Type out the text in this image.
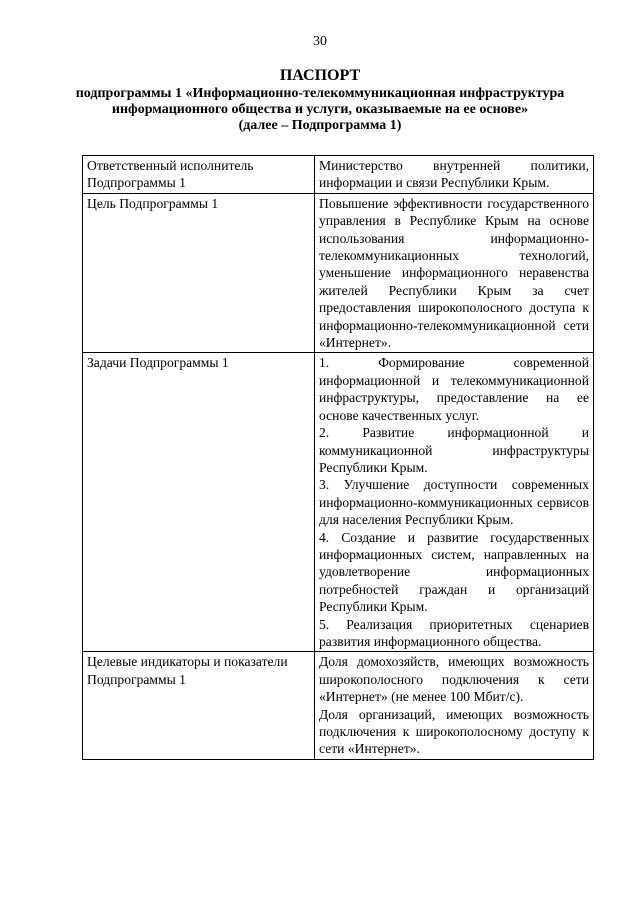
30
ПАСПОРТ
подпрограммы 1 «Информационно-телекоммуникационная инфраструктура
информационного общества и услуги, оказываемые на ее основе»
(далее – Подпрограмма 1)
Ответственный исполнитель Подпрограммы 1	Министерство внутренней политики, информации и связи Республики Крым.

Цель Подпрограммы 1	Повышение эффективности государственного управления в Республике Крым на основе использования информационно-телекоммуникационных технологий, уменьшение информационного неравенства жителей Республики Крым за счет предоставления широкополосного доступа к информационно-телекоммуникационной сети «Интернет».

Задачи Подпрограммы 1	1. Формирование современной информационной и телекоммуникационной инфраструктуры, предоставление на ее основе качественных услуг.

2. Развитие информационной и коммуникационной инфраструктуры Республики Крым.

3. Улучшение доступности современных информационно-коммуникационных сервисов для населения Республики Крым.

4. Создание и развитие государственных информационных систем, направленных на удовлетворение информационных потребностей граждан и организаций Республики Крым.

5. Реализация приоритетных сценариев развития информационного общества.

Целевые индикаторы и показатели Подпрограммы 1	Доля домохозяйств, имеющих возможность широкополосного подключения к сети «Интернет» (не менее 100 Мбит/с).

Доля организаций, имеющих возможность подключения к широкополосному доступу к сети «Интернет».
